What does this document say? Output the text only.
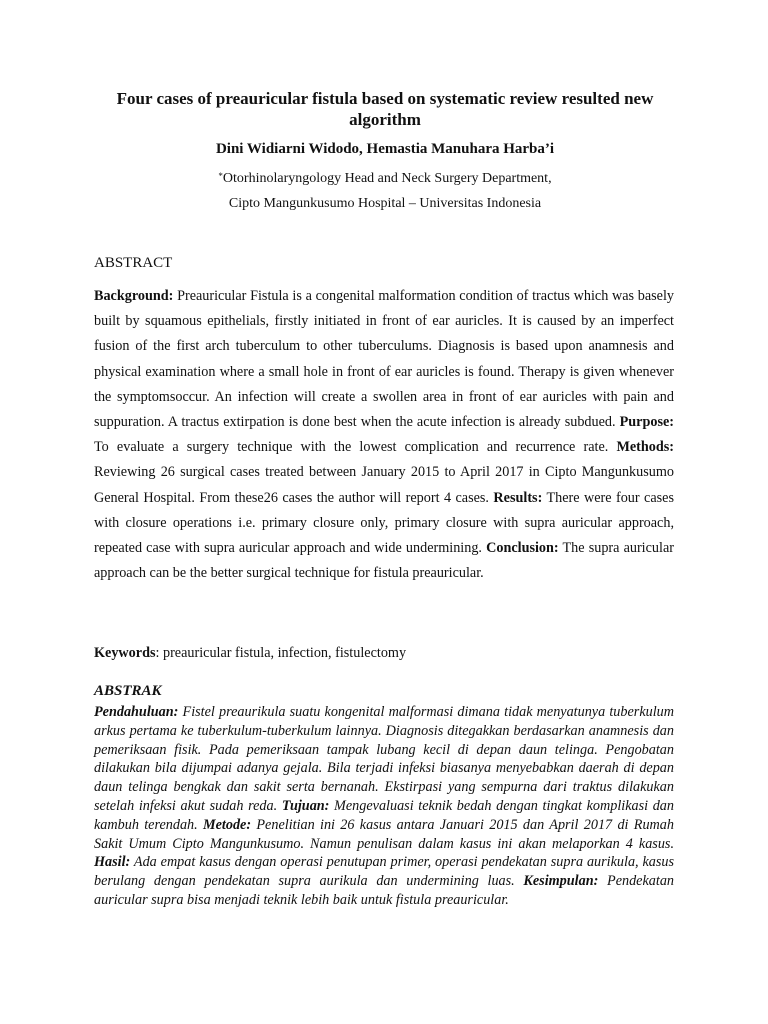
Four cases of preauricular fistula based on systematic review resulted new algorithm
Dini Widiarni Widodo, Hemastia Manuhara Harba’i
*Otorhinolaryngology Head and Neck Surgery Department,
Cipto Mangunkusumo Hospital – Universitas Indonesia
ABSTRACT
Background: Preauricular Fistula is a congenital malformation condition of tractus which was basely built by squamous epithelials, firstly initiated in front of ear auricles. It is caused by an imperfect fusion of the first arch tuberculum to other tuberculums. Diagnosis is based upon anamnesis and physical examination where a small hole in front of ear auricles is found. Therapy is given whenever the symptomsoccur. An infection will create a swollen area in front of ear auricles with pain and suppuration. A tractus extirpation is done best when the acute infection is already subdued. Purpose: To evaluate a surgery technique with the lowest complication and recurrence rate. Methods: Reviewing 26 surgical cases treated between January 2015 to April 2017 in Cipto Mangunkusumo General Hospital. From these26 cases the author will report 4 cases. Results: There were four cases with closure operations i.e. primary closure only, primary closure with supra auricular approach, repeated case with supra auricular approach and wide undermining. Conclusion: The supra auricular approach can be the better surgical technique for fistula preauricular.
Keywords: preauricular fistula, infection, fistulectomy
ABSTRAK
Pendahuluan: Fistel preaurikula suatu kongenital malformasi dimana tidak menyatunya tuberkulum arkus pertama ke tuberkulum-tuberkulum lainnya. Diagnosis ditegakkan berdasarkan anamnesis dan pemeriksaan fisik. Pada pemeriksaan tampak lubang kecil di depan daun telinga. Pengobatan dilakukan bila dijumpai adanya gejala. Bila terjadi infeksi biasanya menyebabkan daerah di depan daun telinga bengkak dan sakit serta bernanah. Ekstirpasi yang sempurna dari traktus dilakukan setelah infeksi akut sudah reda. Tujuan: Mengevaluasi teknik bedah dengan tingkat komplikasi dan kambuh terendah. Metode: Penelitian ini 26 kasus antara Januari 2015 dan April 2017 di Rumah Sakit Umum Cipto Mangunkusumo. Namun penulisan dalam kasus ini akan melaporkan 4 kasus. Hasil: Ada empat kasus dengan operasi penutupan primer, operasi pendekatan supra aurikula, kasus berulang dengan pendekatan supra aurikula dan undermining luas. Kesimpulan: Pendekatan auricular supra bisa menjadi teknik lebih baik untuk fistula preauricular.
